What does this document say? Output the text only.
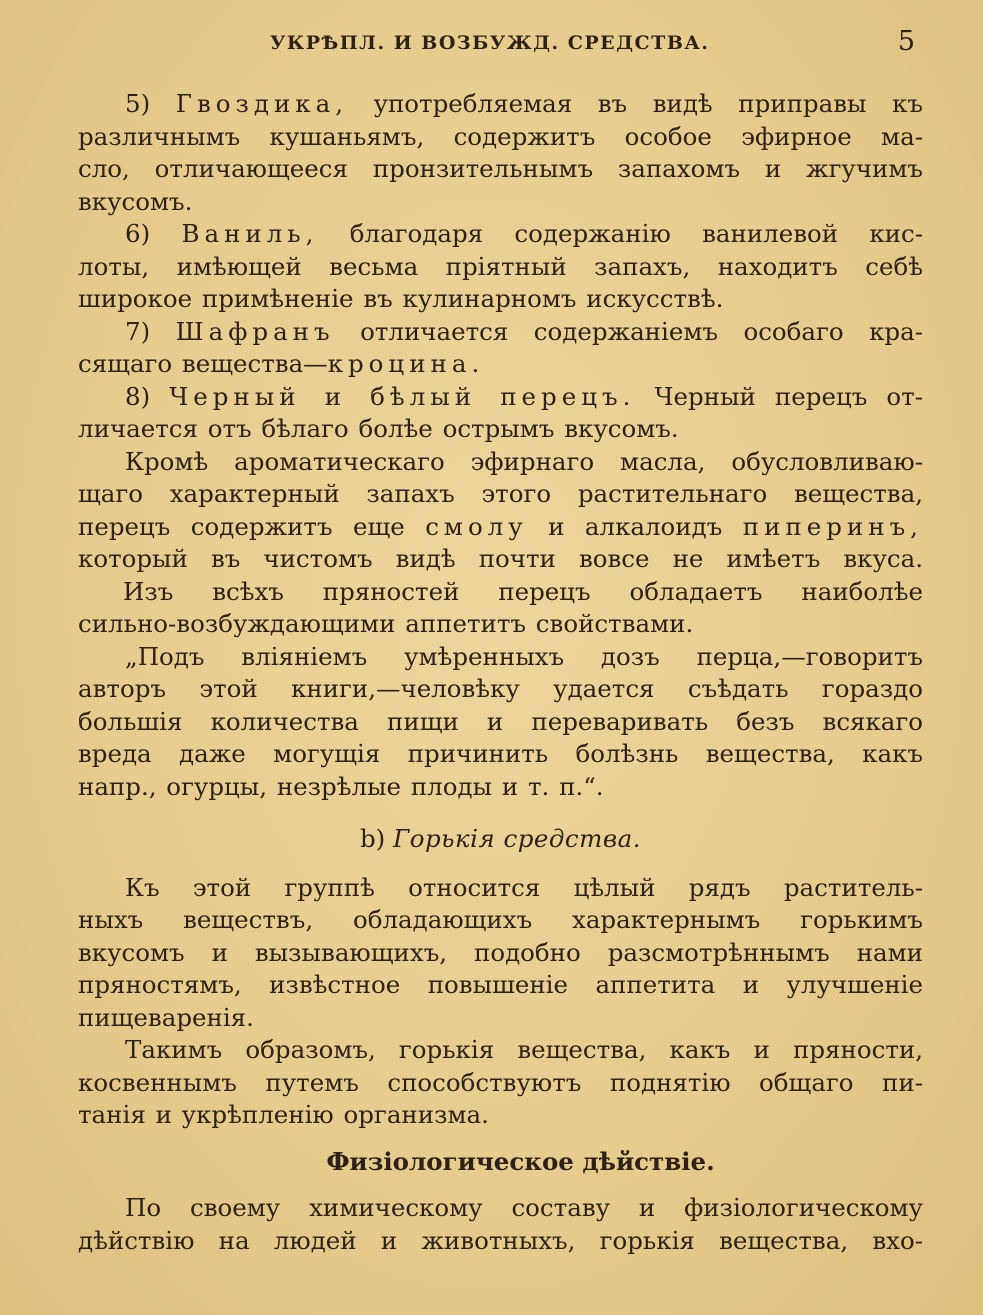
УКРѢПЛ. И ВОЗБУЖД. СРЕДСТВА.	5
5) Гвоздика, употребляемая въ видѣ приправы къ
различнымъ кушаньямъ, содержитъ особое эфирное ма-
сло, отличающееся пронзительнымъ запахомъ и жгучимъ
вкусомъ.
6) Ваниль, благодаря содержанію ванилевой кис-
лоты, имѣющей весьма пріятный запахъ, находитъ себѣ
широкое примѣненіе въ кулинарномъ искусствѣ.
7) Шафранъ отличается содержаніемъ особаго кра-
сящаго вещества—кроцина.
8) Черный и бѣлый перецъ. Черный перецъ от-
личается отъ бѣлаго болѣе острымъ вкусомъ.
Кромѣ ароматическаго эфирнаго масла, обусловливаю-
щаго характерный запахъ этого растительнаго вещества,
перецъ содержитъ еще смолу и алкалоидъ пиперинъ,
который въ чистомъ видѣ почти вовсе не имѣетъ вкуса.
Изъ всѣхъ пряностей перецъ обладаетъ наиболѣе
сильно-возбуждающими аппетитъ свойствами.
„Подъ вліяніемъ умѣренныхъ дозъ перца,—говоритъ
авторъ этой книги,—человѣку удается съѣдать гораздо
большія количества пищи и переваривать безъ всякаго
вреда даже могущія причинить болѣзнь вещества, какъ
напр., огурцы, незрѣлые плоды и т. п.“.
b) Горькія средства.
Къ этой группѣ относится цѣлый рядъ раститель-
ныхъ веществъ, обладающихъ характернымъ горькимъ
вкусомъ и вызывающихъ, подобно разсмотрѣннымъ нами
пряностямъ, извѣстное повышеніе аппетита и улучшеніе
пищеваренія.
Такимъ образомъ, горькія вещества, какъ и пряности,
косвеннымъ путемъ способствуютъ поднятію общаго пи-
танія и укрѣпленію организма.
Физіологическое дѣйствіе.
По своему химическому составу и физіологическому
дѣйствію на людей и животныхъ, горькія вещества, вхо-
